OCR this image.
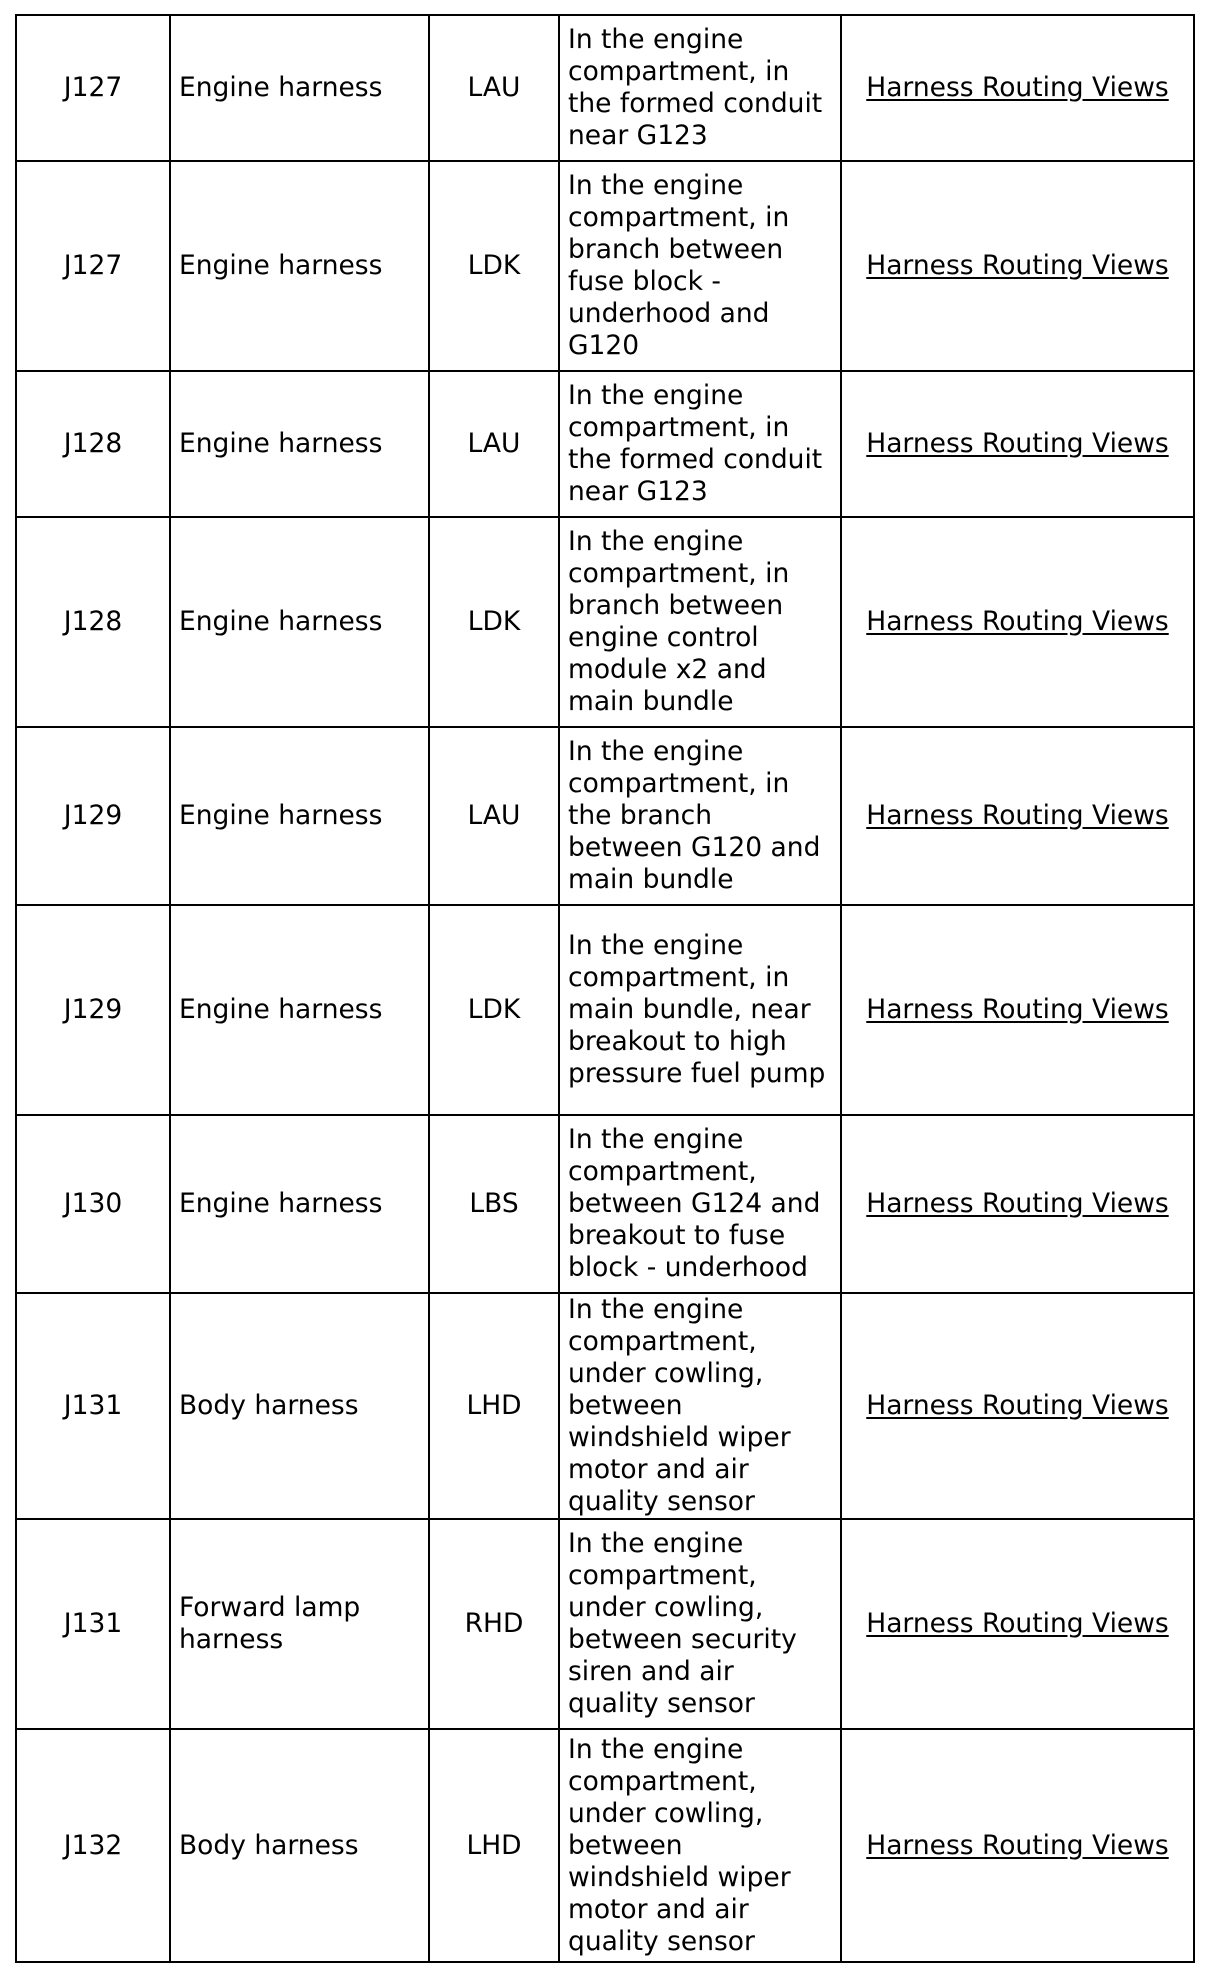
J127	Engine harness	LAU	In the engine compartment, in the formed conduit near G123	Harness Routing Views
J127	Engine harness	LDK	In the engine compartment, in branch between fuse block - underhood and G120	Harness Routing Views
J128	Engine harness	LAU	In the engine compartment, in the formed conduit near G123	Harness Routing Views
J128	Engine harness	LDK	In the engine compartment, in branch between engine control module x2 and main bundle	Harness Routing Views
J129	Engine harness	LAU	In the engine compartment, in the branch between G120 and main bundle	Harness Routing Views
J129	Engine harness	LDK	In the engine compartment, in main bundle, near breakout to high pressure fuel pump	Harness Routing Views
J130	Engine harness	LBS	In the engine compartment, between G124 and breakout to fuse block - underhood	Harness Routing Views
J131	Body harness	LHD	In the engine compartment, under cowling, between windshield wiper motor and air quality sensor	Harness Routing Views
J131	Forward lamp harness	RHD	In the engine compartment, under cowling, between security siren and air quality sensor	Harness Routing Views
J132	Body harness	LHD	In the engine compartment, under cowling, between windshield wiper motor and air quality sensor	Harness Routing Views
